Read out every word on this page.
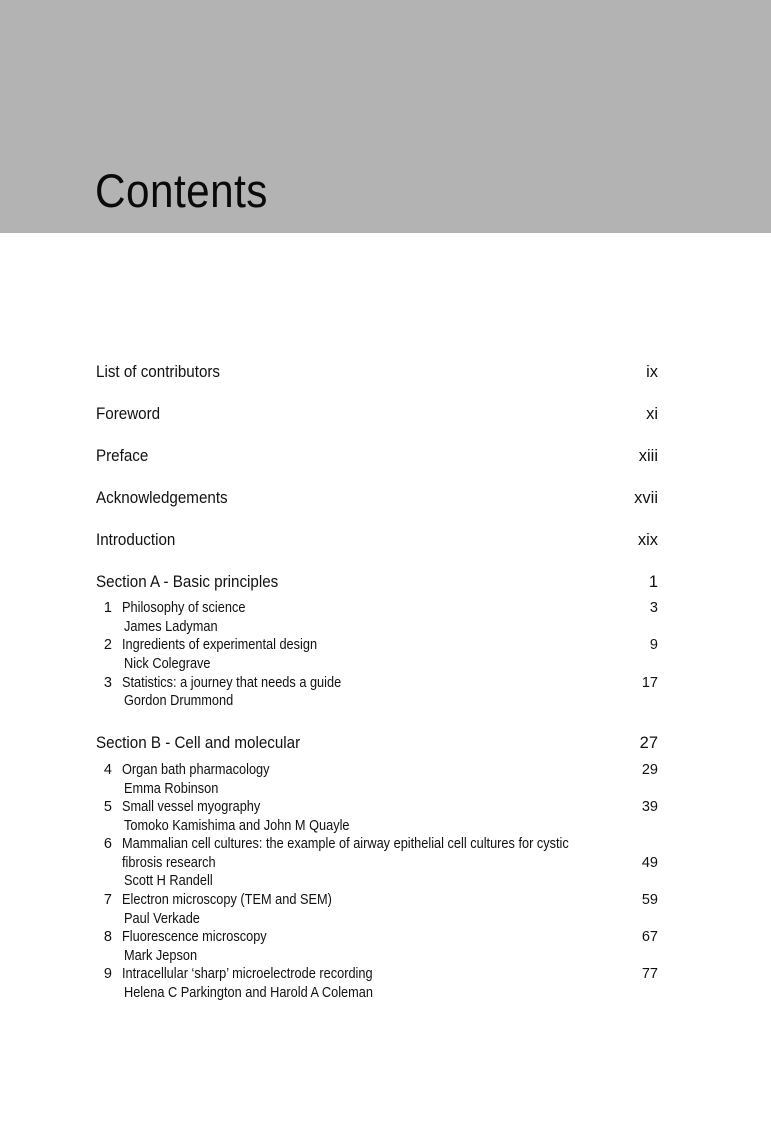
Contents
List of contributors	ix
Foreword	xi
Preface	xiii
Acknowledgements	xvii
Introduction	xix
Section A - Basic principles	1
1 Philosophy of science	3
James Ladyman
2 Ingredients of experimental design	9
Nick Colegrave
3 Statistics: a journey that needs a guide	17
Gordon Drummond
Section B - Cell and molecular	27
4 Organ bath pharmacology	29
Emma Robinson
5 Small vessel myography	39
Tomoko Kamishima and John M Quayle
6 Mammalian cell cultures: the example of airway epithelial cell cultures for cystic
fibrosis research	49
Scott H Randell
7 Electron microscopy (TEM and SEM)	59
Paul Verkade
8 Fluorescence microscopy	67
Mark Jepson
9 Intracellular ‘sharp’ microelectrode recording	77
Helena C Parkington and Harold A Coleman
